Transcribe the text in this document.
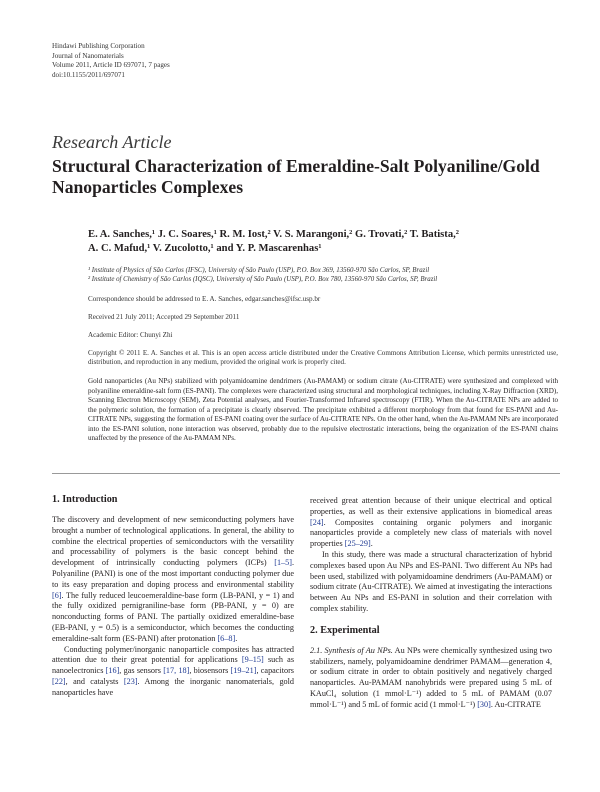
Hindawi Publishing Corporation
Journal of Nanomaterials
Volume 2011, Article ID 697071, 7 pages
doi:10.1155/2011/697071
Research Article
Structural Characterization of Emeraldine-Salt Polyaniline/Gold
Nanoparticles Complexes
E. A. Sanches,¹ J. C. Soares,¹ R. M. Iost,² V. S. Marangoni,² G. Trovati,² T. Batista,²
A. C. Mafud,¹ V. Zucolotto,¹ and Y. P. Mascarenhas¹
¹ Institute of Physics of São Carlos (IFSC), University of São Paulo (USP), P.O. Box 369, 13560-970 São Carlos, SP, Brazil
² Institute of Chemistry of São Carlos (IQSC), University of São Paulo (USP), P.O. Box 780, 13560-970 São Carlos, SP, Brazil
Correspondence should be addressed to E. A. Sanches, edgar.sanches@ifsc.usp.br
Received 21 July 2011; Accepted 29 September 2011
Academic Editor: Chunyi Zhi
Copyright © 2011 E. A. Sanches et al. This is an open access article distributed under the Creative Commons Attribution License, which permits unrestricted use, distribution, and reproduction in any medium, provided the original work is properly cited.
Gold nanoparticles (Au NPs) stabilized with polyamidoamine dendrimers (Au-PAMAM) or sodium citrate (Au-CITRATE) were synthesized and complexed with polyaniline emeraldine-salt form (ES-PANI). The complexes were characterized using structural and morphological techniques, including X-Ray Diffraction (XRD), Scanning Electron Microscopy (SEM), Zeta Potential analyses, and Fourier-Transformed Infrared spectroscopy (FTIR). When the Au-CITRATE NPs are added to the polymeric solution, the formation of a precipitate is clearly observed. The precipitate exhibited a different morphology from that found for ES-PANI and Au-CITRATE NPs, suggesting the formation of ES-PANI coating over the surface of Au-CITRATE NPs. On the other hand, when the Au-PAMAM NPs are incorporated into the ES-PANI solution, none interaction was observed, probably due to the repulsive electrostatic interactions, being the organization of the ES-PANI chains unaffected by the presence of the Au-PAMAM NPs.
1. Introduction

The discovery and development of new semiconducting polymers have brought a number of technological applications. In general, the ability to combine the electrical properties of semiconductors with the versatility and processability of polymers is the basic concept behind the development of intrinsically conducting polymers (ICPs) [1–5]. Polyaniline (PANI) is one of the most important conducting polymer due to its easy preparation and doping process and environmental stability [6]. The fully reduced leucoemeraldine-base form (LB-PANI, y = 1) and the fully oxidized pernigraniline-base form (PB-PANI, y = 0) are nonconducting forms of PANI. The partially oxidized emeraldine-base (EB-PANI, y = 0.5) is a semiconductor, which becomes the conducting emeraldine-salt form (ES-PANI) after protonation [6–8].

Conducting polymer/inorganic nanoparticle composites has attracted attention due to their great potential for applications [9–15] such as nanoelectronics [16], gas sensors [17, 18], biosensors [19–21], capacitors [22], and catalysts [23]. Among the inorganic nanomaterials, gold nanoparticles have

received great attention because of their unique electrical and optical properties, as well as their extensive applications in biomedical areas [24]. Composites containing organic polymers and inorganic nanoparticles provide a completely new class of materials with novel properties [25–29].

In this study, there was made a structural characterization of hybrid complexes based upon Au NPs and ES-PANI. Two different Au NPs had been used, stabilized with polyamidoamine dendrimers (Au-PAMAM) or sodium citrate (Au-CITRATE). We aimed at investigating the interactions between Au NPs and ES-PANI in solution and their correlation with complex stability.

2. Experimental

2.1. Synthesis of Au NPs. Au NPs were chemically synthesized using two stabilizers, namely, polyamidoamine dendrimer PAMAM—generation 4, or sodium citrate in order to obtain positively and negatively charged nanoparticles. Au-PAMAM nanohybrids were prepared using 5 mL of KAuCl₄ solution (1 mmol·L⁻¹) added to 5 mL of PAMAM (0.07 mmol·L⁻¹) and 5 mL of formic acid (1 mmol·L⁻¹) [30]. Au-CITRATE
